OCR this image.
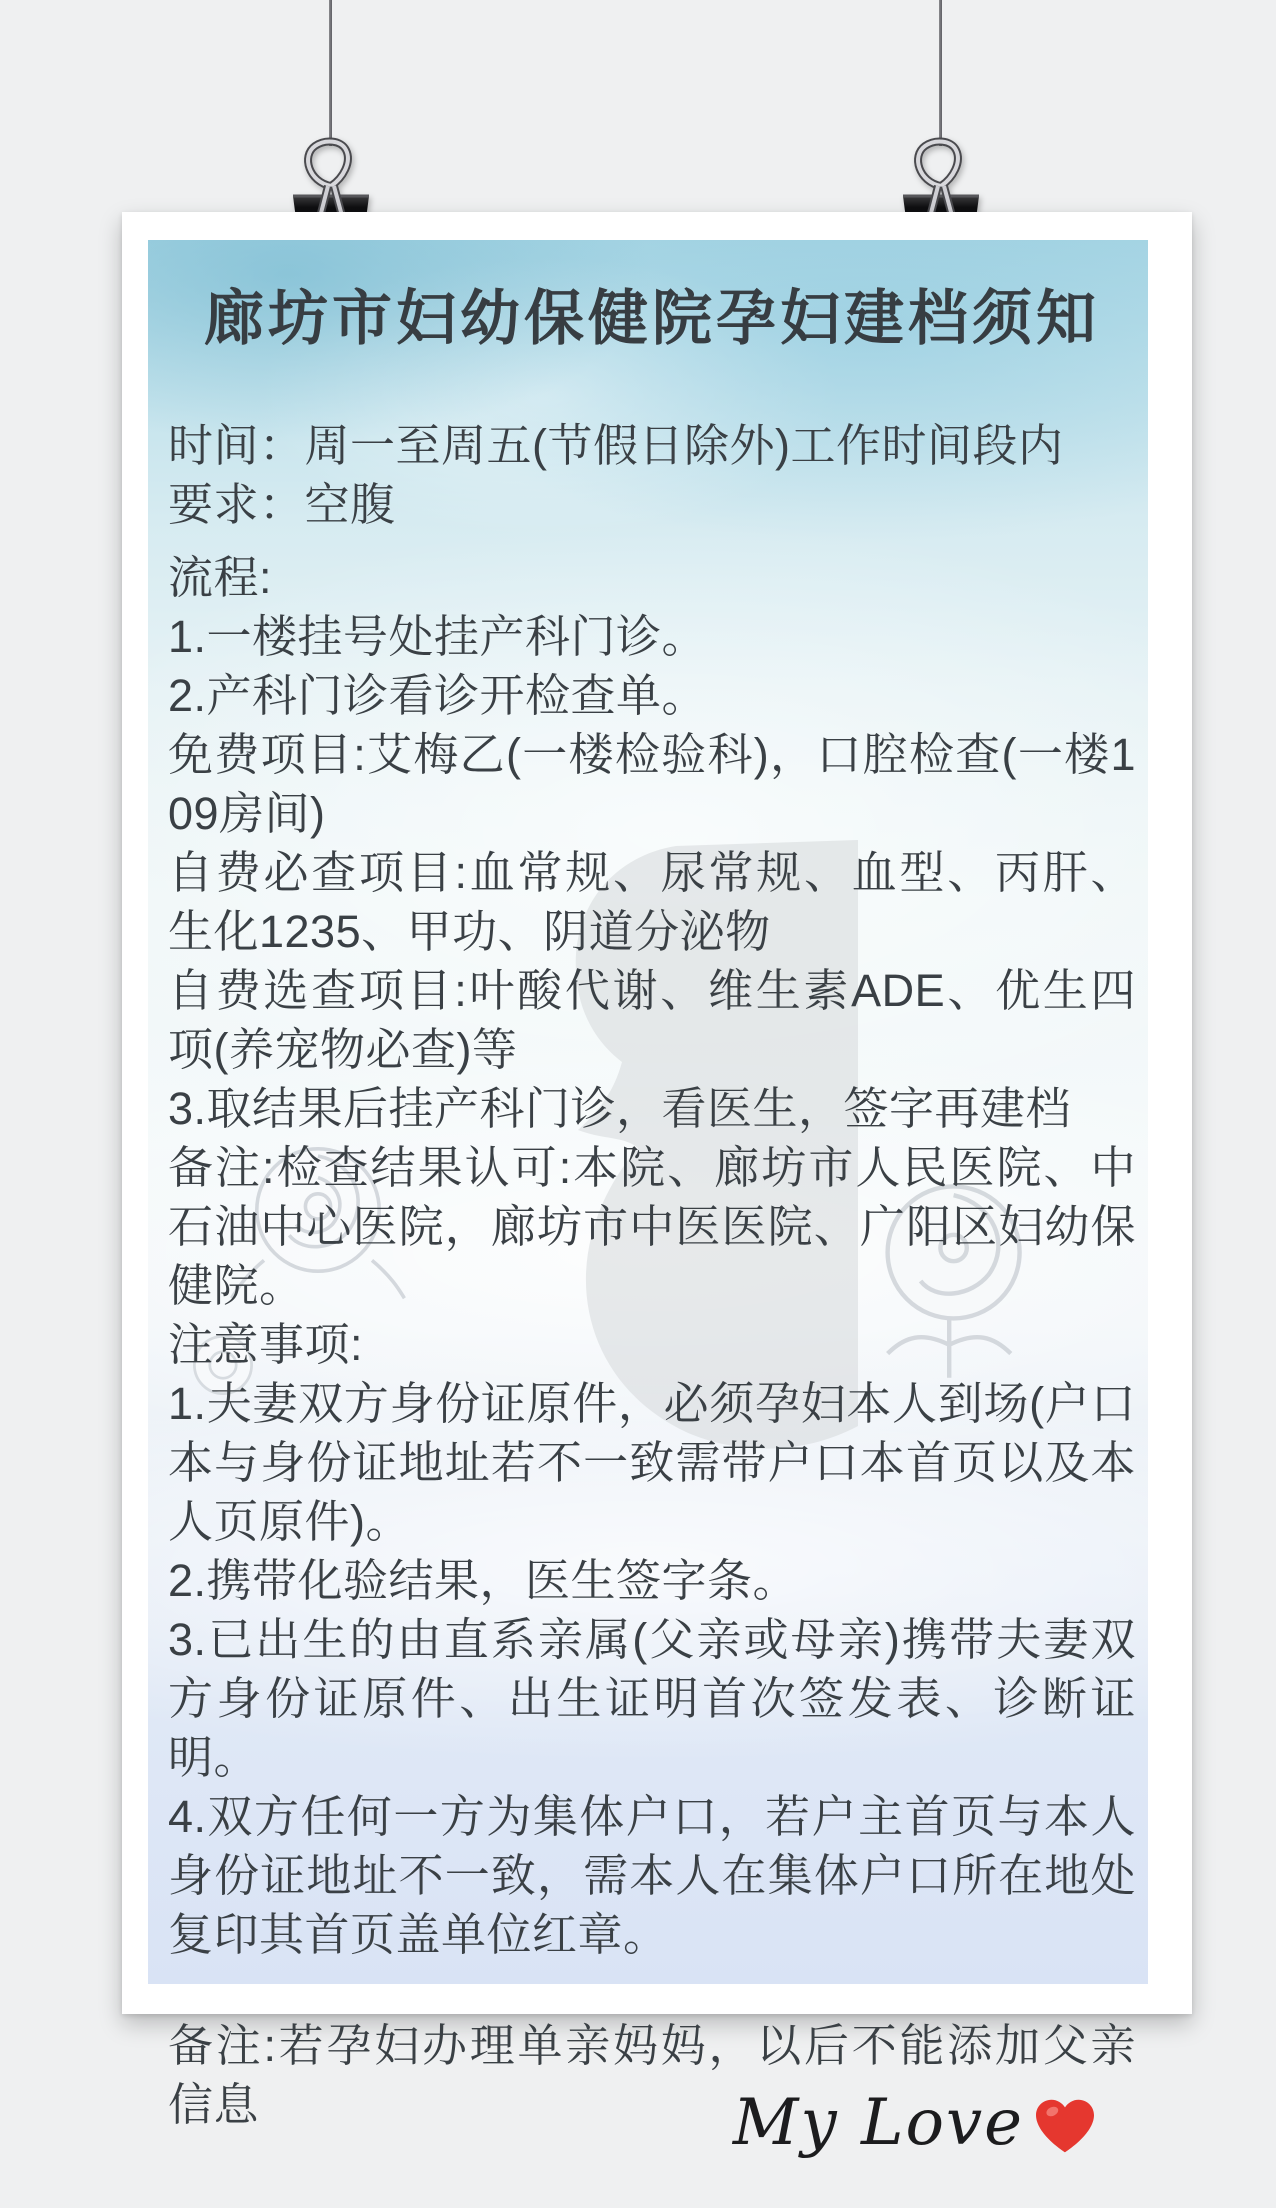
廊坊市妇幼保健院孕妇建档须知

时间：周一至周五(节假日除外)工作时间段内

要求：空腹

流程:

1.一楼挂号处挂产科门诊。

2.产科门诊看诊开检查单。

免费项目:艾梅乙(一楼检验科)，口腔检查(一楼109房间)

自费必查项目:血常规、尿常规、血型、丙肝、生化1235、甲功、阴道分泌物

自费选查项目:叶酸代谢、维生素ADE、优生四项(养宠物必查)等

3.取结果后挂产科门诊，看医生，签字再建档

备注:检查结果认可:本院、廊坊市人民医院、中石油中心医院，廊坊市中医医院、广阳区妇幼保健院。

注意事项:

1.夫妻双方身份证原件，必须孕妇本人到场(户口本与身份证地址若不一致需带户口本首页以及本人页原件)。

2.携带化验结果，医生签字条。

3.已出生的由直系亲属(父亲或母亲)携带夫妻双方身份证原件、出生证明首次签发表、诊断证明。

4.双方任何一方为集体户口，若户主首页与本人身份证地址不一致，需本人在集体户口所在地处复印其首页盖单位红章。

备注:若孕妇办理单亲妈妈，以后不能添加父亲信息	My Love
